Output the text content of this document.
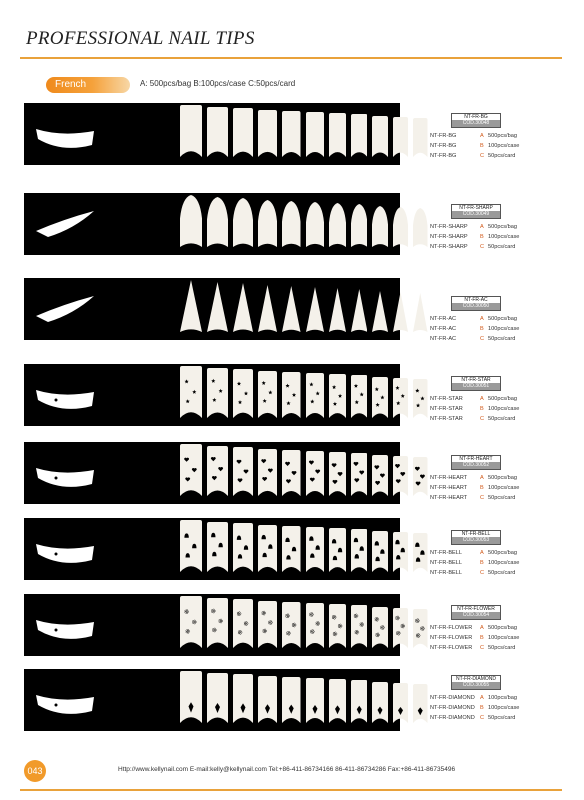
PROFESSIONAL NAIL TIPS
French	A: 500pcs/bag B:100pcs/case C:50pcs/card
NT-FR-BG
COD.30048
NT-FR-BG	A 500pcs/bag
NT-FR-BG	B 100pcs/case
NT-FR-BG	C 50pcs/card
NT-FR-SHARP
COD.30049
NT-FR-SHARP A 500pcs/bag
NT-FR-SHARP B 100pcs/case
NT-FR-SHARP C 50pcs/card
NT-FR-AC
COD.30050
NT-FR-AC	A 500pcs/bag
NT-FR-AC	B 100pcs/case
NT-FR-AC	C 50pcs/card
NT-FR-STAR
COD.30051
NT-FR-STAR	A 500pcs/bag
NT-FR-STAR	B 100pcs/case
NT-FR-STAR	C 50pcs/card
NT-FR-HEART
COD.30052
NT-FR-HEART A 500pcs/bag
NT-FR-HEART B 100pcs/case
NT-FR-HEART C 50pcs/card
NT-FR-BELL
COD.30053
NT-FR-BELL	A 500pcs/bag
NT-FR-BELL	B 100pcs/case
NT-FR-BELL	C 50pcs/card
NT-FR-FLOWER
COD.30054
NT-FR-FLOWER A 500pcs/bag
NT-FR-FLOWER B 100pcs/case
NT-FR-FLOWER C 50pcs/card
NT-FR-DIAMOND
COD.30055
NT-FR-DIAMOND A 100pcs/bag
NT-FR-DIAMOND B 100pcs/case
NT-FR-DIAMOND C 50pcs/card
043	Http://www.kellynail.com E-mail:kelly@kellynail.com Tel:+86-411-86734166 86-411-86734286 Fax:+86-411-86735496
